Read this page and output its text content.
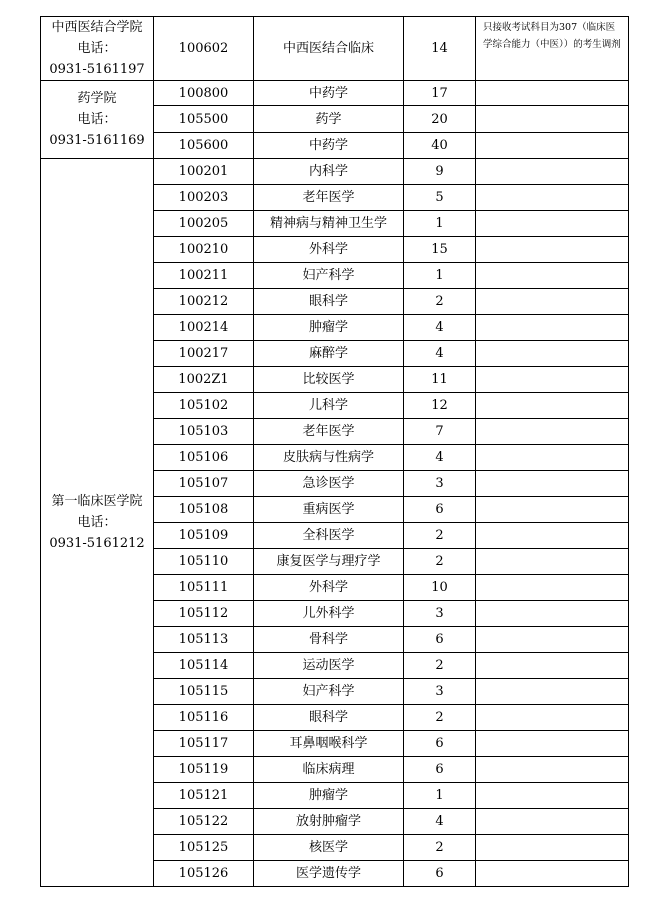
中西医结合学院
电话：
0931-5161197	100602	中西医结合临床	14	只接收考试科目为307（临床医学综合能力（中医））的考生调剂

药学院
电话：
0931-5161169	100800	中药学	17	
	105500	药学	20	
	105600	中药学	40	

第一临床医学院
电话：
0931-5161212	100201	内科学	9	
	100203	老年医学	5	
	100205	精神病与精神卫生学	1	
	100210	外科学	15	
	100211	妇产科学	1	
	100212	眼科学	2	
	100214	肿瘤学	4	
	100217	麻醉学	4	
	1002Z1	比较医学	11	
	105102	儿科学	12	
	105103	老年医学	7	
	105106	皮肤病与性病学	4	
	105107	急诊医学	3	
	105108	重病医学	6	
	105109	全科医学	2	
	105110	康复医学与理疗学	2	
	105111	外科学	10	
	105112	儿外科学	3	
	105113	骨科学	6	
	105114	运动医学	2	
	105115	妇产科学	3	
	105116	眼科学	2	
	105117	耳鼻咽喉科学	6	
	105119	临床病理	6	
	105121	肿瘤学	1	
	105122	放射肿瘤学	4	
	105125	核医学	2	
	105126	医学遗传学	6	
